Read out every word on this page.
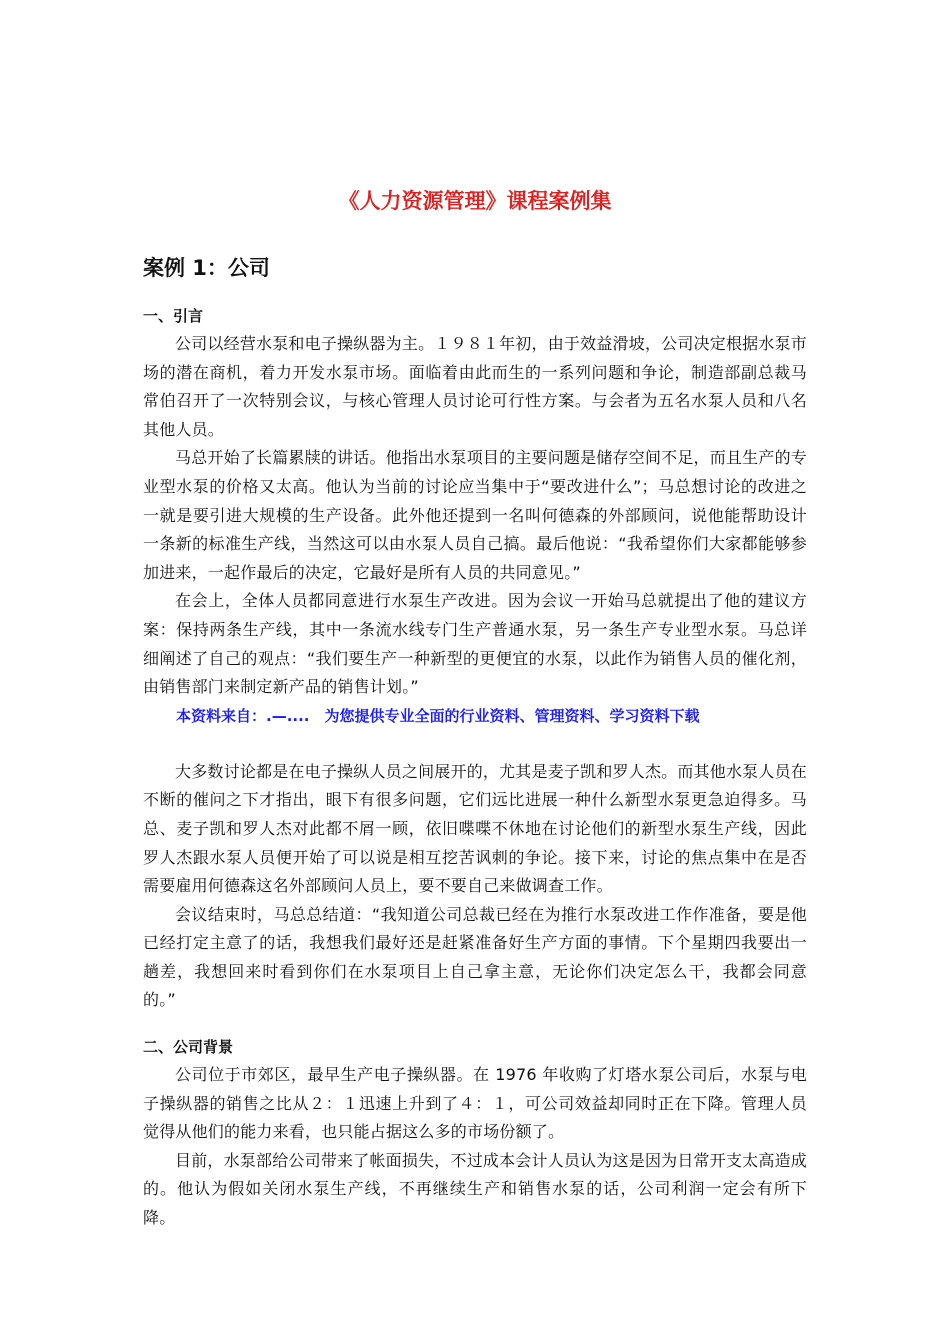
《人力资源管理》课程案例集
案例 1：公司
一、引言

公司以经营水泵和电子操纵器为主。１９８１年初，由于效益滑坡，公司决定根据水泵市场的潜在商机，着力开发水泵市场。面临着由此而生的一系列问题和争论，制造部副总裁马常伯召开了一次特别会议，与核心管理人员讨论可行性方案。与会者为五名水泵人员和八名其他人员。

马总开始了长篇累牍的讲话。他指出水泵项目的主要问题是储存空间不足，而且生产的专业型水泵的价格又太高。他认为当前的讨论应当集中于“要改进什么”；马总想讨论的改进之一就是要引进大规模的生产设备。此外他还提到一名叫何德森的外部顾问，说他能帮助设计一条新的标准生产线，当然这可以由水泵人员自己搞。最后他说：“我希望你们大家都能够参加进来，一起作最后的决定，它最好是所有人员的共同意见。”

在会上，全体人员都同意进行水泵生产改进。因为会议一开始马总就提出了他的建议方案：保持两条生产线，其中一条流水线专门生产普通水泵，另一条生产专业型水泵。马总详细阐述了自己的观点：“我们要生产一种新型的更便宜的水泵，以此作为销售人员的催化剂，由销售部门来制定新产品的销售计划。”

本资料来自：.—....　为您提供专业全面的行业资料、管理资料、学习资料下载

大多数讨论都是在电子操纵人员之间展开的，尤其是麦子凯和罗人杰。而其他水泵人员在不断的催问之下才指出，眼下有很多问题，它们远比进展一种什么新型水泵更急迫得多。马总、麦子凯和罗人杰对此都不屑一顾，依旧喋喋不休地在讨论他们的新型水泵生产线，因此罗人杰跟水泵人员便开始了可以说是相互挖苦讽刺的争论。接下来，讨论的焦点集中在是否需要雇用何德森这名外部顾问人员上，要不要自己来做调查工作。

会议结束时，马总总结道：“我知道公司总裁已经在为推行水泵改进工作作准备，要是他已经打定主意了的话，我想我们最好还是赶紧准备好生产方面的事情。下个星期四我要出一趟差，我想回来时看到你们在水泵项目上自己拿主意，无论你们决定怎么干，我都会同意的。”

二、公司背景

公司位于市郊区，最早生产电子操纵器。在 1976 年收购了灯塔水泵公司后，水泵与电子操纵器的销售之比从２：１迅速上升到了４：１，可公司效益却同时正在下降。管理人员觉得从他们的能力来看，也只能占据这么多的市场份额了。

目前，水泵部给公司带来了帐面损失，不过成本会计人员认为这是因为日常开支太高造成的。他认为假如关闭水泵生产线，不再继续生产和销售水泵的话，公司利润一定会有所下降。
